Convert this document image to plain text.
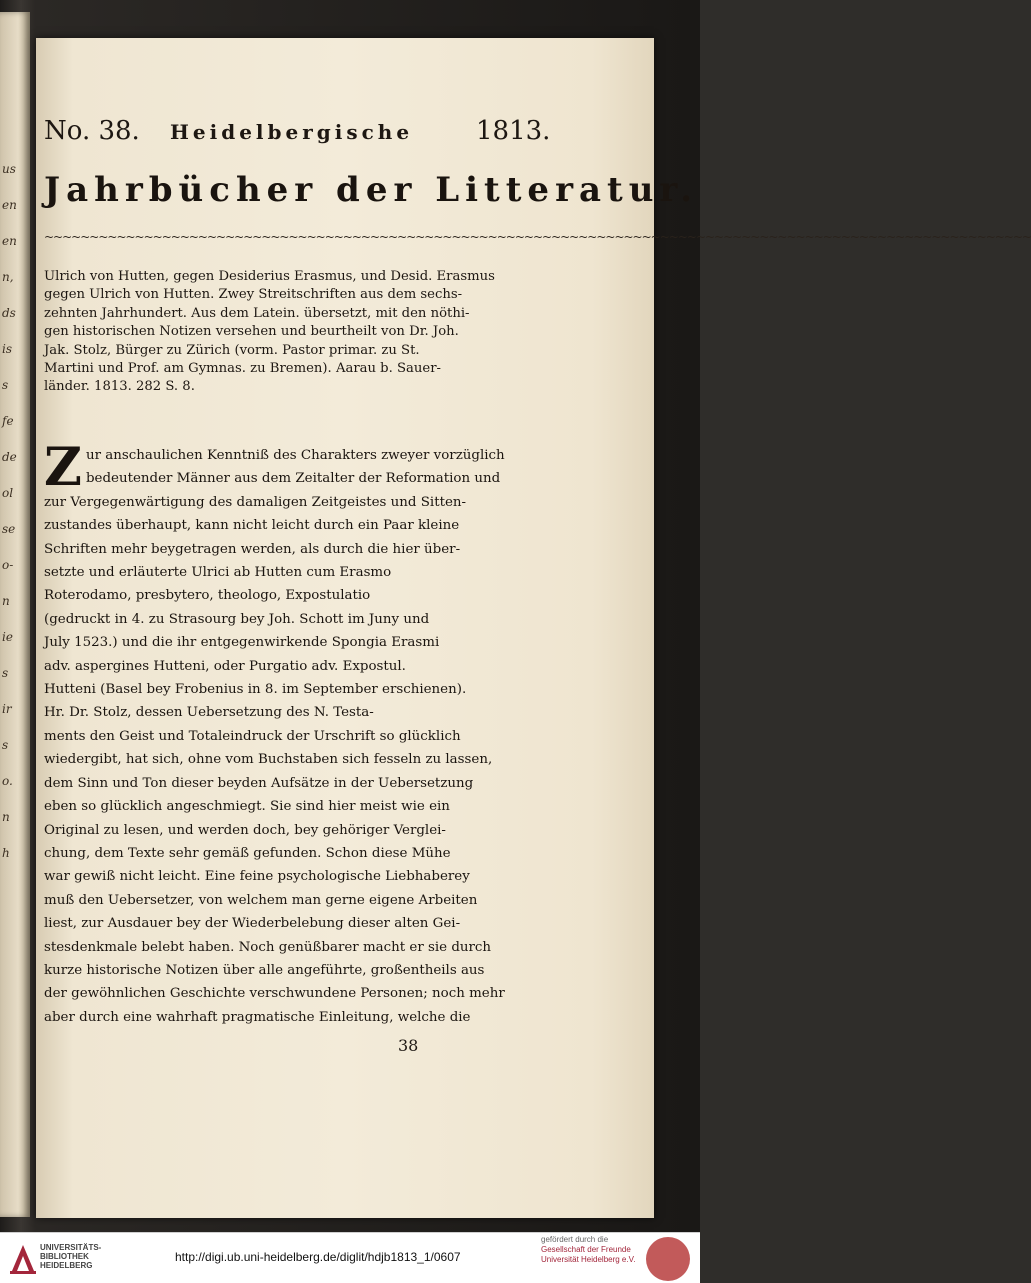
us
en
en
n,
ds
is
s
fe
de
ol
se
o-
n
ie
s
ir
s
o.
n
h
No. 38. Heidelbergische 1813.
Jahrbücher der Litteratur.
~~~~~~~~~~~~~~~~~~~~~~~~~~~~~~~~~~~~~~~~~~~~~~~~~~~~~~~~~~~~~~~~~~~~~~~~~~~~~~~~~~~~~~~~~~~~~~~~~~~~~~~~~~~~~
Ulrich von Hutten, gegen Desiderius Erasmus, und Desid. Erasmus
gegen Ulrich von Hutten. Zwey Streitschriften aus dem sechs-
zehnten Jahrhundert. Aus dem Latein. übersetzt, mit den nöthi-
gen historischen Notizen versehen und beurtheilt von Dr. Joh.
Jak. Stolz, Bürger zu Zürich (vorm. Pastor primar. zu St.
Martini und Prof. am Gymnas. zu Bremen). Aarau b. Sauer-
länder. 1813. 282 S. 8.
Z ur anschaulichen Kenntniß des Charakters zweyer vorzüglich
bedeutender Männer aus dem Zeitalter der Reformation und
zur Vergegenwärtigung des damaligen Zeitgeistes und Sitten-
zustandes überhaupt, kann nicht leicht durch ein Paar kleine
Schriften mehr beygetragen werden, als durch die hier über-
setzte und erläuterte Ulrici ab Hutten cum Erasmo
Roterodamo, presbytero, theologo, Expostulatio
(gedruckt in 4. zu Strasourg bey Joh. Schott im Juny und
July 1523.) und die ihr entgegenwirkende Spongia Erasmi
adv. aspergines Hutteni, oder Purgatio adv. Expostul.
Hutteni (Basel bey Frobenius in 8. im September erschienen).
Hr. Dr. Stolz, dessen Uebersetzung des N. Testa-
ments den Geist und Totaleindruck der Urschrift so glücklich
wiedergibt, hat sich, ohne vom Buchstaben sich fesseln zu lassen,
dem Sinn und Ton dieser beyden Aufsätze in der Uebersetzung
eben so glücklich angeschmiegt. Sie sind hier meist wie ein
Original zu lesen, und werden doch, bey gehöriger Verglei-
chung, dem Texte sehr gemäß gefunden. Schon diese Mühe
war gewiß nicht leicht. Eine feine psychologische Liebhaberey
muß den Uebersetzer, von welchem man gerne eigene Arbeiten
liest, zur Ausdauer bey der Wiederbelebung dieser alten Gei-
stesdenkmale belebt haben. Noch genüßbarer macht er sie durch
kurze historische Notizen über alle angeführte, großentheils aus
der gewöhnlichen Geschichte verschwundene Personen; noch mehr
aber durch eine wahrhaft pragmatische Einleitung, welche die
38
UNIVERSITÄTS-
BIBLIOTHEK
HEIDELBERG
http://digi.ub.uni-heidelberg.de/diglit/hdjb1813_1/0607
gefördert durch die
Gesellschaft der Freunde
Universität Heidelberg e.V.
